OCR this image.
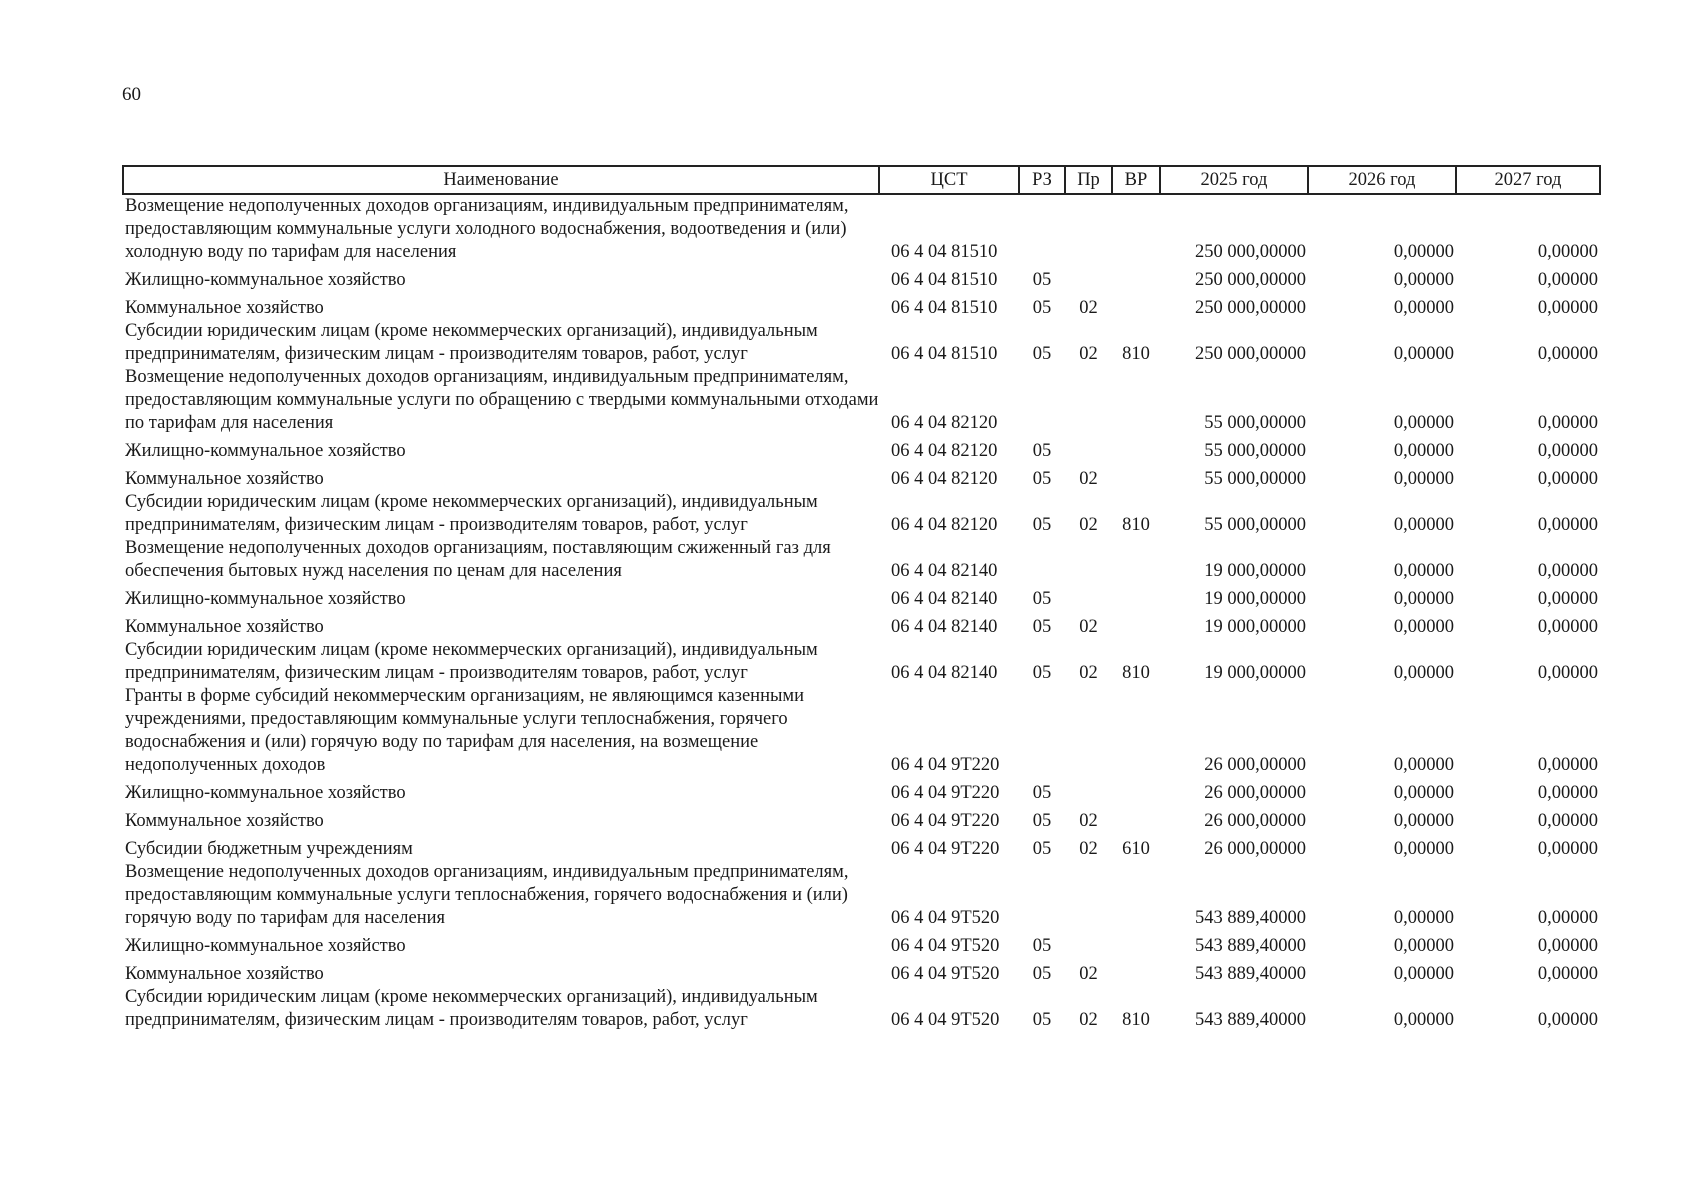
60
Наименование	ЦСТ	РЗ	Пр	ВР	2025 год	2026 год	2027 год
Возмещение недополученных доходов организациям, индивидуальным предпринимателям, предоставляющим коммунальные услуги холодного водоснабжения, водоотведения и (или) холодную воду по тарифам для населения	06 4 04 81510				250 000,00000	0,00000	0,00000
Жилищно-коммунальное хозяйство	06 4 04 81510	05			250 000,00000	0,00000	0,00000
Коммунальное хозяйство	06 4 04 81510	05	02		250 000,00000	0,00000	0,00000
Субсидии юридическим лицам (кроме некоммерческих организаций), индивидуальным предпринимателям, физическим лицам - производителям товаров, работ, услуг	06 4 04 81510	05	02	810	250 000,00000	0,00000	0,00000
Возмещение недополученных доходов организациям, индивидуальным предпринимателям, предоставляющим коммунальные услуги по обращению с твердыми коммунальными отходами по тарифам для населения	06 4 04 82120				55 000,00000	0,00000	0,00000
Жилищно-коммунальное хозяйство	06 4 04 82120	05			55 000,00000	0,00000	0,00000
Коммунальное хозяйство	06 4 04 82120	05	02		55 000,00000	0,00000	0,00000
Субсидии юридическим лицам (кроме некоммерческих организаций), индивидуальным предпринимателям, физическим лицам - производителям товаров, работ, услуг	06 4 04 82120	05	02	810	55 000,00000	0,00000	0,00000
Возмещение недополученных доходов организациям, поставляющим сжиженный газ для обеспечения бытовых нужд населения по ценам для населения	06 4 04 82140				19 000,00000	0,00000	0,00000
Жилищно-коммунальное хозяйство	06 4 04 82140	05			19 000,00000	0,00000	0,00000
Коммунальное хозяйство	06 4 04 82140	05	02		19 000,00000	0,00000	0,00000
Субсидии юридическим лицам (кроме некоммерческих организаций), индивидуальным предпринимателям, физическим лицам - производителям товаров, работ, услуг	06 4 04 82140	05	02	810	19 000,00000	0,00000	0,00000
Гранты в форме субсидий некоммерческим организациям, не являющимся казенными учреждениями, предоставляющим коммунальные услуги теплоснабжения, горячего водоснабжения и (или) горячую воду по тарифам для населения, на возмещение недополученных доходов	06 4 04 9Т220				26 000,00000	0,00000	0,00000
Жилищно-коммунальное хозяйство	06 4 04 9Т220	05			26 000,00000	0,00000	0,00000
Коммунальное хозяйство	06 4 04 9Т220	05	02		26 000,00000	0,00000	0,00000
Субсидии бюджетным учреждениям	06 4 04 9Т220	05	02	610	26 000,00000	0,00000	0,00000
Возмещение недополученных доходов организациям, индивидуальным предпринимателям, предоставляющим коммунальные услуги теплоснабжения, горячего водоснабжения и (или) горячую воду по тарифам для населения	06 4 04 9Т520				543 889,40000	0,00000	0,00000
Жилищно-коммунальное хозяйство	06 4 04 9Т520	05			543 889,40000	0,00000	0,00000
Коммунальное хозяйство	06 4 04 9Т520	05	02		543 889,40000	0,00000	0,00000
Субсидии юридическим лицам (кроме некоммерческих организаций), индивидуальным предпринимателям, физическим лицам - производителям товаров, работ, услуг	06 4 04 9Т520	05	02	810	543 889,40000	0,00000	0,00000
